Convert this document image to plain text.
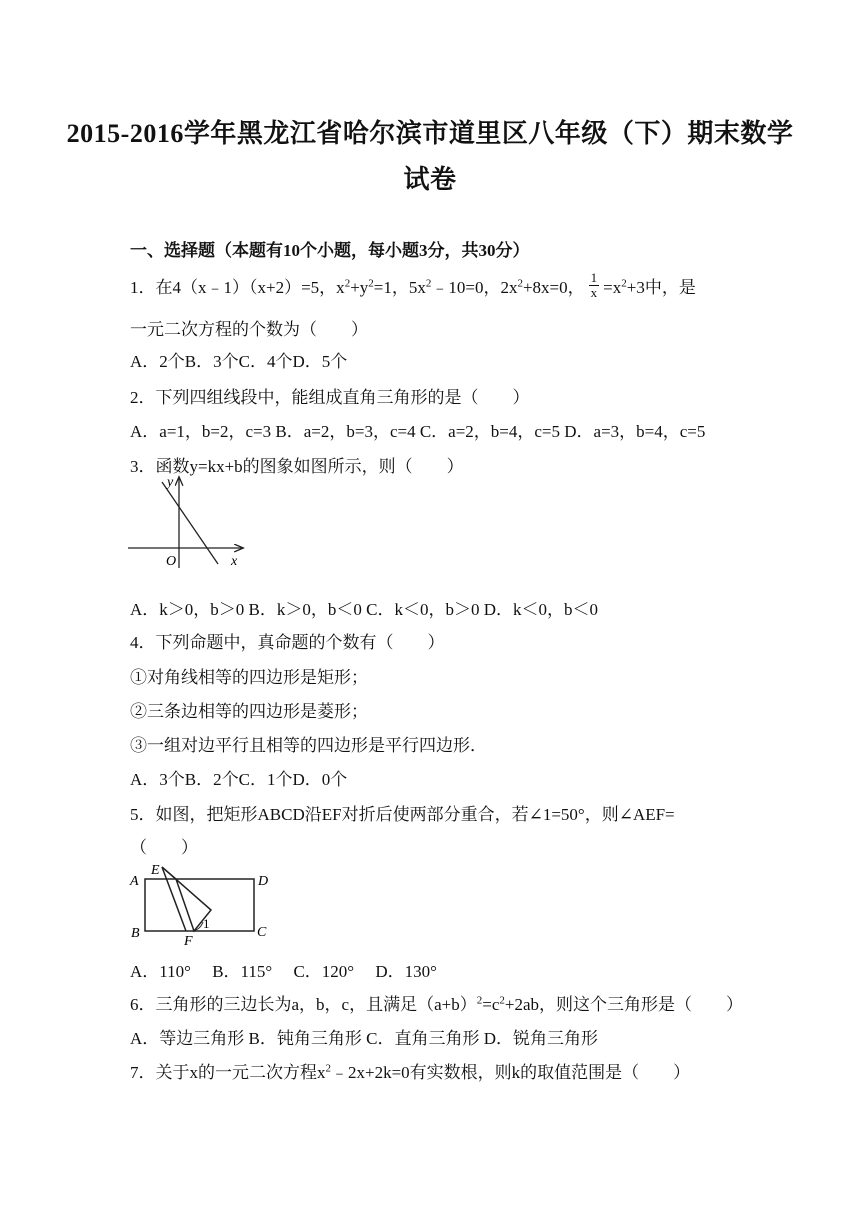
2015-2016学年黑龙江省哈尔滨市道里区八年级（下）期末数学
试卷
一、选择题（本题有10个小题，每小题3分，共30分）
1．在4（x﹣1）（x+2）=5，$x^2+y^2=1$，$5x^2﹣10=0$，$2x^2+8x=0$， $\frac{1}{x} =x^2+3$中，是
一元二次方程的个数为（　　）
A．2个B．3个C．4个D．5个
2．下列四组线段中，能组成直角三角形的是（　　）
A．a=1，b=2，c=3 B．a=2，b=3，c=4 C．a=2，b=4，c=5 D．a=3，b=4，c=5
3．函数y=kx+b的图象如图所示，则（　　）
y
x
O
A．k＞0，b＞0 B．k＞0，b＜0 C．k＜0，b＞0 D．k＜0，b＜0
4．下列命题中，真命题的个数有（　　）
①对角线相等的四边形是矩形；
②三条边相等的四边形是菱形；
③一组对边平行且相等的四边形是平行四边形．
A．3个B．2个C．1个D．0个
5．如图，把矩形ABCD沿EF对折后使两部分重合，若∠1=50°，则∠AEF=
（　　）
A
E
D
B
F
C
1
A．110°　 B．115°　 C．120°　 D．130°
6．三角形的三边长为a，b，c，且满足$(a+b)^2=c^2+2ab$，则这个三角形是（　　）
A．等边三角形 B．钝角三角形 C．直角三角形 D．锐角三角形
7．关于x的一元二次方程$x^2﹣2x+2k=0$有实数根，则k的取值范围是（　　）
